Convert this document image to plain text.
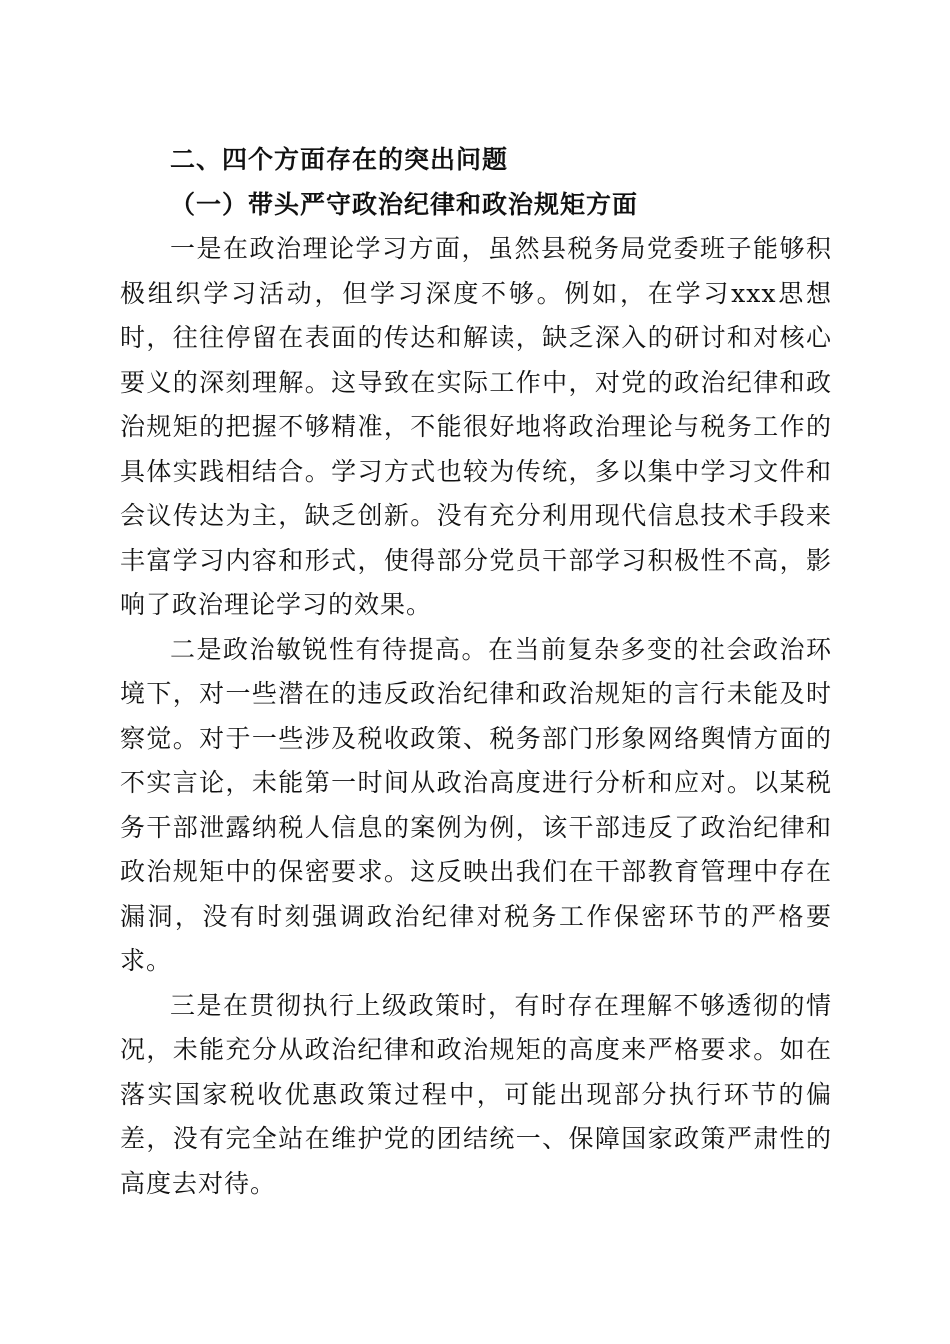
二、四个方面存在的突出问题

（一）带头严守政治纪律和政治规矩方面

一是在政治理论学习方面，虽然县税务局党委班子能够积极组织学习活动，但学习深度不够。例如，在学习xxx思想时，往往停留在表面的传达和解读，缺乏深入的研讨和对核心要义的深刻理解。这导致在实际工作中，对党的政治纪律和政治规矩的把握不够精准，不能很好地将政治理论与税务工作的具体实践相结合。学习方式也较为传统，多以集中学习文件和会议传达为主，缺乏创新。没有充分利用现代信息技术手段来丰富学习内容和形式，使得部分党员干部学习积极性不高，影响了政治理论学习的效果。

二是政治敏锐性有待提高。在当前复杂多变的社会政治环境下，对一些潜在的违反政治纪律和政治规矩的言行未能及时察觉。对于一些涉及税收政策、税务部门形象网络舆情方面的不实言论，未能第一时间从政治高度进行分析和应对。以某税务干部泄露纳税人信息的案例为例，该干部违反了政治纪律和政治规矩中的保密要求。这反映出我们在干部教育管理中存在漏洞，没有时刻强调政治纪律对税务工作保密环节的严格要求。

三是在贯彻执行上级政策时，有时存在理解不够透彻的情况，未能充分从政治纪律和政治规矩的高度来严格要求。如在落实国家税收优惠政策过程中，可能出现部分执行环节的偏差，没有完全站在维护党的团结统一、保障国家政策严肃性的高度去对待。
